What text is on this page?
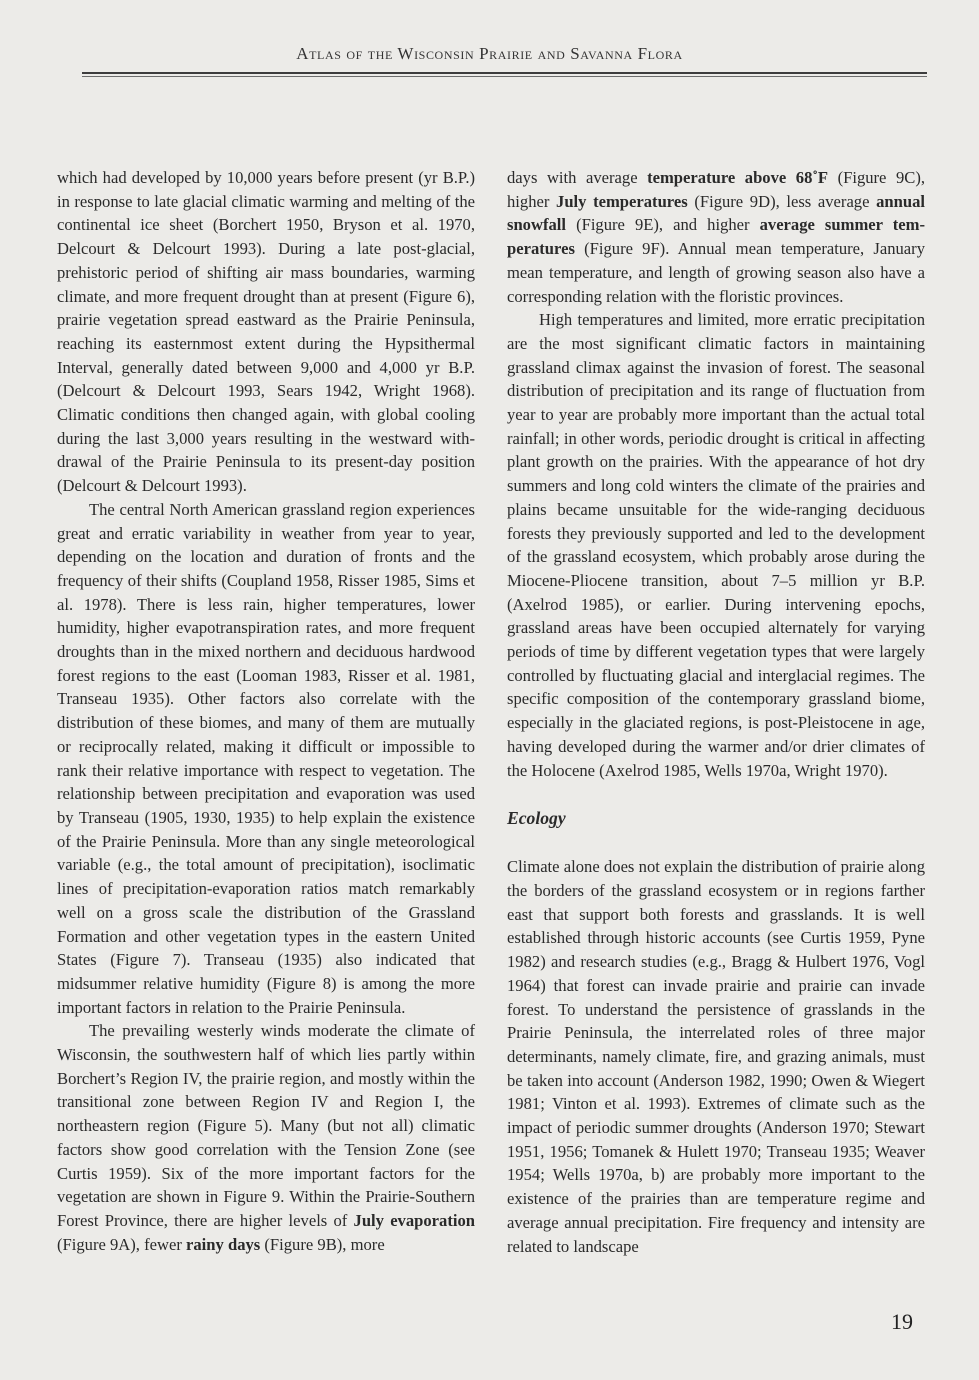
Atlas of the Wisconsin Prairie and Savanna Flora

which had developed by 10,000 years before present (yr B.P.) in response to late glacial climatic warming and melting of the continental ice sheet (Borchert 1950, Bryson et al. 1970, Delcourt & Delcourt 1993). During a late post-glacial, prehistoric period of shifting air mass boundaries, warming climate, and more frequent drought than at present (Figure 6), prairie vegetation spread eastward as the Prairie Peninsula, reaching its easternmost extent during the Hypsithermal Interval, generally dated between 9,000 and 4,000 yr B.P. (Delcourt & Delcourt 1993, Sears 1942, Wright 1968). Climatic conditions then changed again, with global cooling during the last 3,000 years resulting in the westward withdrawal of the Prairie Peninsula to its present-day position (Delcourt & Delcourt 1993).

The central North American grassland region experiences great and erratic variability in weather from year to year, depending on the location and duration of fronts and the frequency of their shifts (Coupland 1958, Risser 1985, Sims et al. 1978). There is less rain, higher temperatures, lower humidity, higher evapotranspiration rates, and more frequent droughts than in the mixed northern and deciduous hardwood forest regions to the east (Looman 1983, Risser et al. 1981, Transeau 1935). Other factors also correlate with the distribution of these biomes, and many of them are mutually or reciprocally related, making it difficult or impossible to rank their relative importance with respect to vegetation. The relationship between precipitation and evaporation was used by Transeau (1905, 1930, 1935) to help explain the existence of the Prairie Peninsula. More than any single meteorological variable (e.g., the total amount of precipitation), isoclimatic lines of precipitation-evaporation ratios match remarkably well on a gross scale the distribution of the Grassland Formation and other vegetation types in the eastern United States (Figure 7). Transeau (1935) also indicated that midsummer relative humidity (Figure 8) is among the more important factors in relation to the Prairie Peninsula.

The prevailing westerly winds moderate the climate of Wisconsin, the southwestern half of which lies partly within Borchert’s Region IV, the prairie region, and mostly within the transitional zone between Region IV and Region I, the northeastern region (Figure 5). Many (but not all) climatic factors show good correlation with the Tension Zone (see Curtis 1959). Six of the more important factors for the vegetation are shown in Figure 9. Within the Prairie-Southern Forest Province, there are higher levels of July evaporation (Figure 9A), fewer rainy days (Figure 9B), more

days with average temperature above 68˚F (Figure 9C), higher July temperatures (Figure 9D), less average annual snowfall (Figure 9E), and higher average summer temperatures (Figure 9F). Annual mean temperature, January mean temperature, and length of growing season also have a corresponding relation with the floristic provinces.

High temperatures and limited, more erratic precipitation are the most significant climatic factors in maintaining grassland climax against the invasion of forest. The seasonal distribution of precipitation and its range of fluctuation from year to year are probably more important than the actual total rainfall; in other words, periodic drought is critical in affecting plant growth on the prairies. With the appearance of hot dry summers and long cold winters the climate of the prairies and plains became unsuitable for the wide-ranging deciduous forests they previously supported and led to the development of the grassland ecosystem, which probably arose during the Miocene-Pliocene transition, about 7–5 million yr B.P. (Axelrod 1985), or earlier. During intervening epochs, grassland areas have been occupied alternately for varying periods of time by different vegetation types that were largely controlled by fluctuating glacial and interglacial regimes. The specific composition of the contemporary grassland biome, especially in the glaciated regions, is post-Pleistocene in age, having developed during the warmer and/or drier climates of the Holocene (Axelrod 1985, Wells 1970a, Wright 1970).

Ecology

Climate alone does not explain the distribution of prairie along the borders of the grassland ecosystem or in regions farther east that support both forests and grasslands. It is well established through historic accounts (see Curtis 1959, Pyne 1982) and research studies (e.g., Bragg & Hulbert 1976, Vogl 1964) that forest can invade prairie and prairie can invade forest. To understand the persistence of grasslands in the Prairie Peninsula, the interrelated roles of three major determinants, namely climate, fire, and grazing animals, must be taken into account (Anderson 1982, 1990; Owen & Wiegert 1981; Vinton et al. 1993). Extremes of climate such as the impact of periodic summer droughts (Anderson 1970; Stewart 1951, 1956; Tomanek & Hulett 1970; Transeau 1935; Weaver 1954; Wells 1970a, b) are probably more important to the existence of the prairies than are temperature regime and average annual precipitation. Fire frequency and intensity are related to landscape

19
